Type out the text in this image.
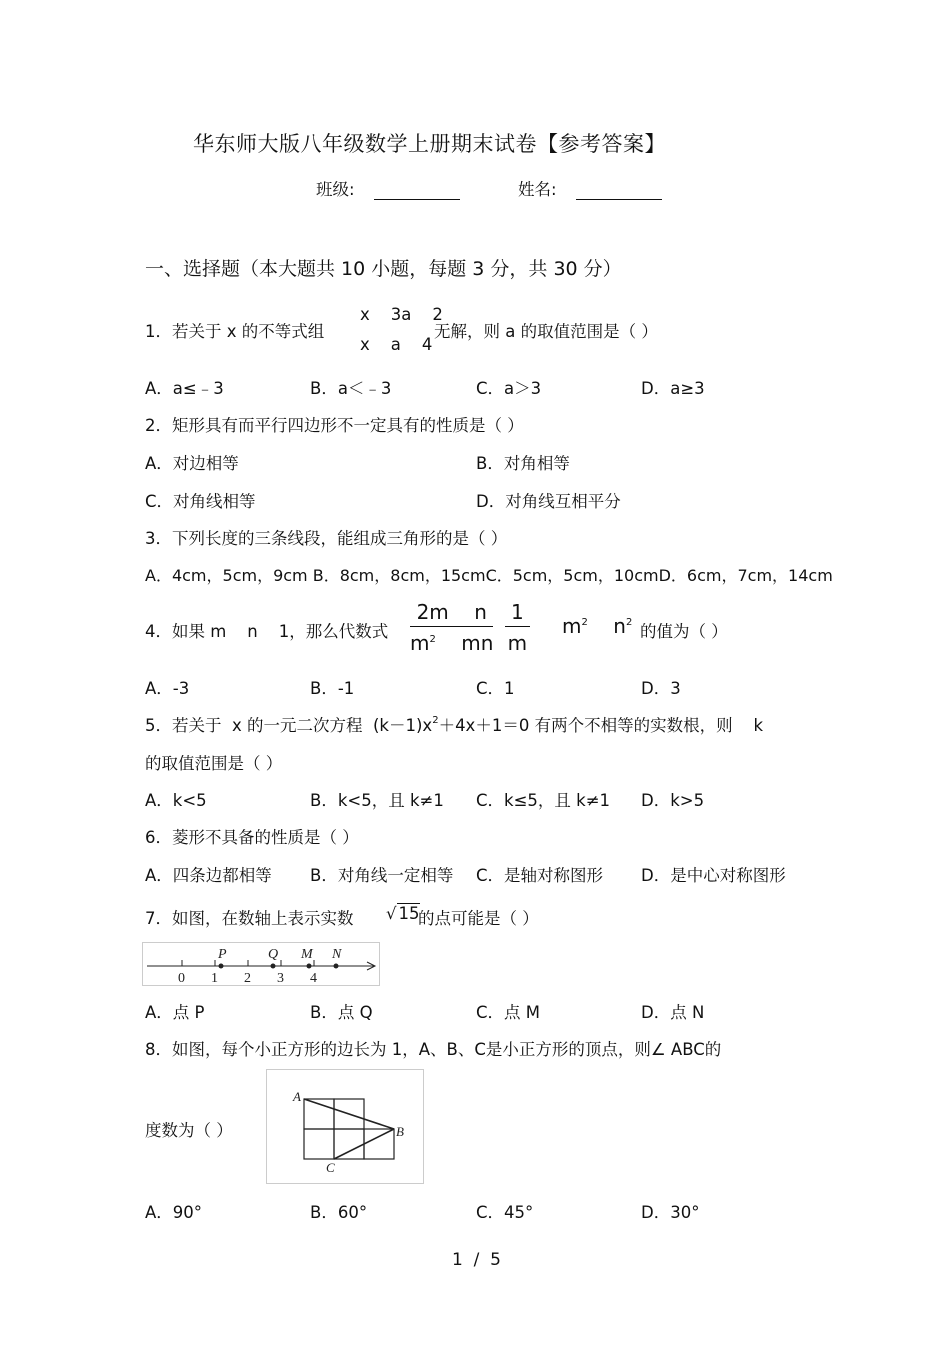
华东师大版八年级数学上册期末试卷【参考答案】
班级:	姓名:
一、选择题（本大题共 10 小题，每题 3 分，共 30 分）
1．若关于 x 的不等式组
x    3a    2
x    a    4
无解，则 a 的取值范围是（ ）
A．a≤﹣3	B．a＜﹣3	C．a＞3	D．a≥3
2．矩形具有而平行四边形不一定具有的性质是（ ）
A．对边相等	B．对角相等
C．对角线相等	D．对角线互相平分
3．下列长度的三条线段，能组成三角形的是（ ）
A．4cm，5cm，9cm B．8cm，8cm，15cmC．5cm，5cm，10cmD．6cm，7cm，14cm
4．如果 m    n    1，那么代数式 $\frac{\text{2m    n}}{m^2 mn} \frac{1}{m} m^2$    $n^2$ 的值为（ ）
A．-3	B．-1	C．1	D．3
5．若关于  x 的一元二次方程  $(k-1)x^2+4x+1=0$ 有两个不相等的实数根，则    k
的取值范围是（ ）
A．k<5	B．k<5，且 k≠1 C．k≤5，且 k≠1 D．k>5
6．菱形不具备的性质是（ ）
A．四条边都相等 B．对角线一定相等 C．是轴对称图形 D．是中心对称图形
7．如图，在数轴上表示实数 √ 15
的点可能是（ ）
0 1 2 3 4
P	Q M N
A．点 P	B．点 Q	C．点 M	D．点 N
8．如图，每个小正方形的边长为 1，A、B、C是小正方形的顶点，则∠ ABC的
度数为（ ）
A
B
C
A．90°	B．60°	C．45°	D．30°
1  /  5
